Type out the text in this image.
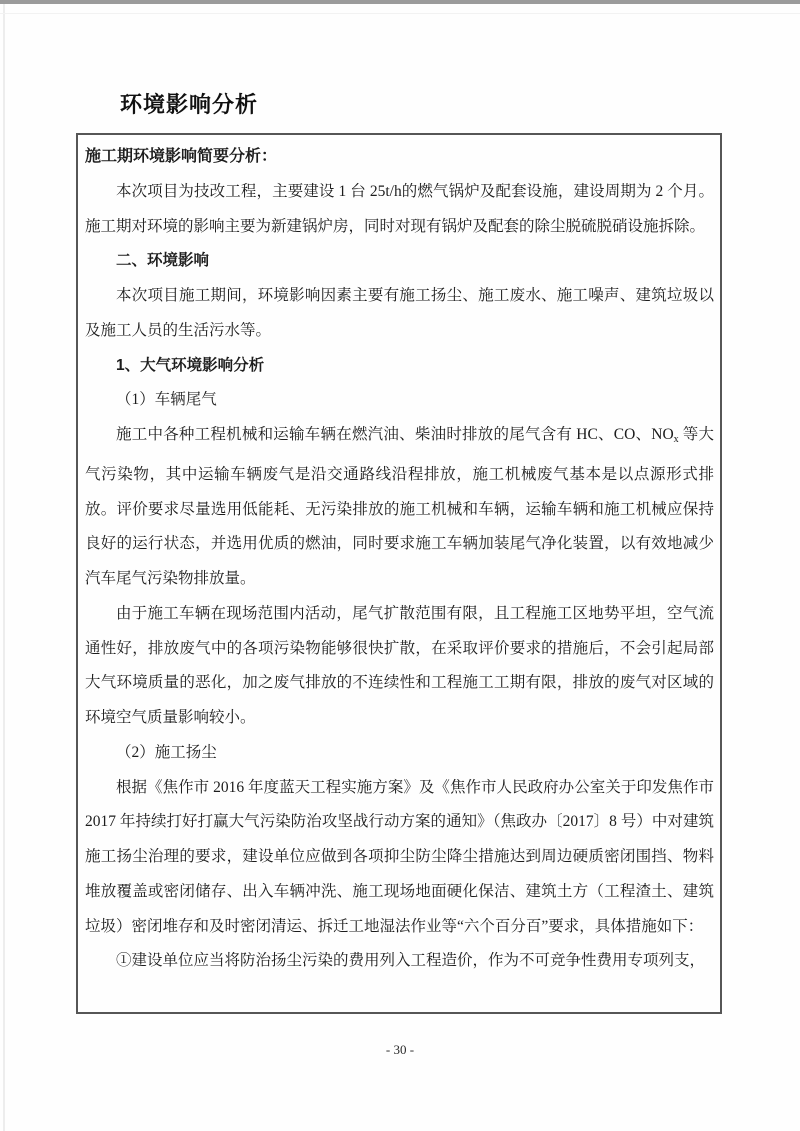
环境影响分析

施工期环境影响简要分析：

本次项目为技改工程，主要建设 1 台 25t/h的燃气锅炉及配套设施，建设周期为 2 个月。施工期对环境的影响主要为新建锅炉房，同时对现有锅炉及配套的除尘脱硫脱硝设施拆除。

二、环境影响

本次项目施工期间，环境影响因素主要有施工扬尘、施工废水、施工噪声、建筑垃圾以及施工人员的生活污水等。

1、大气环境影响分析

（1）车辆尾气

施工中各种工程机械和运输车辆在燃汽油、柴油时排放的尾气含有 HC、CO、$NO_x$ 等大气污染物，其中运输车辆废气是沿交通路线沿程排放，施工机械废气基本是以点源形式排放。评价要求尽量选用低能耗、无污染排放的施工机械和车辆，运输车辆和施工机械应保持良好的运行状态，并选用优质的燃油，同时要求施工车辆加装尾气净化装置，以有效地减少汽车尾气污染物排放量。

由于施工车辆在现场范围内活动，尾气扩散范围有限，且工程施工区地势平坦，空气流通性好，排放废气中的各项污染物能够很快扩散，在采取评价要求的措施后，不会引起局部大气环境质量的恶化，加之废气排放的不连续性和工程施工工期有限，排放的废气对区域的环境空气质量影响较小。

（2）施工扬尘

根据《焦作市 2016 年度蓝天工程实施方案》及《焦作市人民政府办公室关于印发焦作市 2017 年持续打好打赢大气污染防治攻坚战行动方案的通知》（焦政办〔2017〕8 号）中对建筑施工扬尘治理的要求，建设单位应做到各项抑尘防尘降尘措施达到周边硬质密闭围挡、物料堆放覆盖或密闭储存、出入车辆冲洗、施工现场地面硬化保洁、建筑土方（工程渣土、建筑垃圾）密闭堆存和及时密闭清运、拆迁工地湿法作业等“六个百分百”要求，具体措施如下：

①建设单位应当将防治扬尘污染的费用列入工程造价，作为不可竞争性费用专项列支，

- 30 -
